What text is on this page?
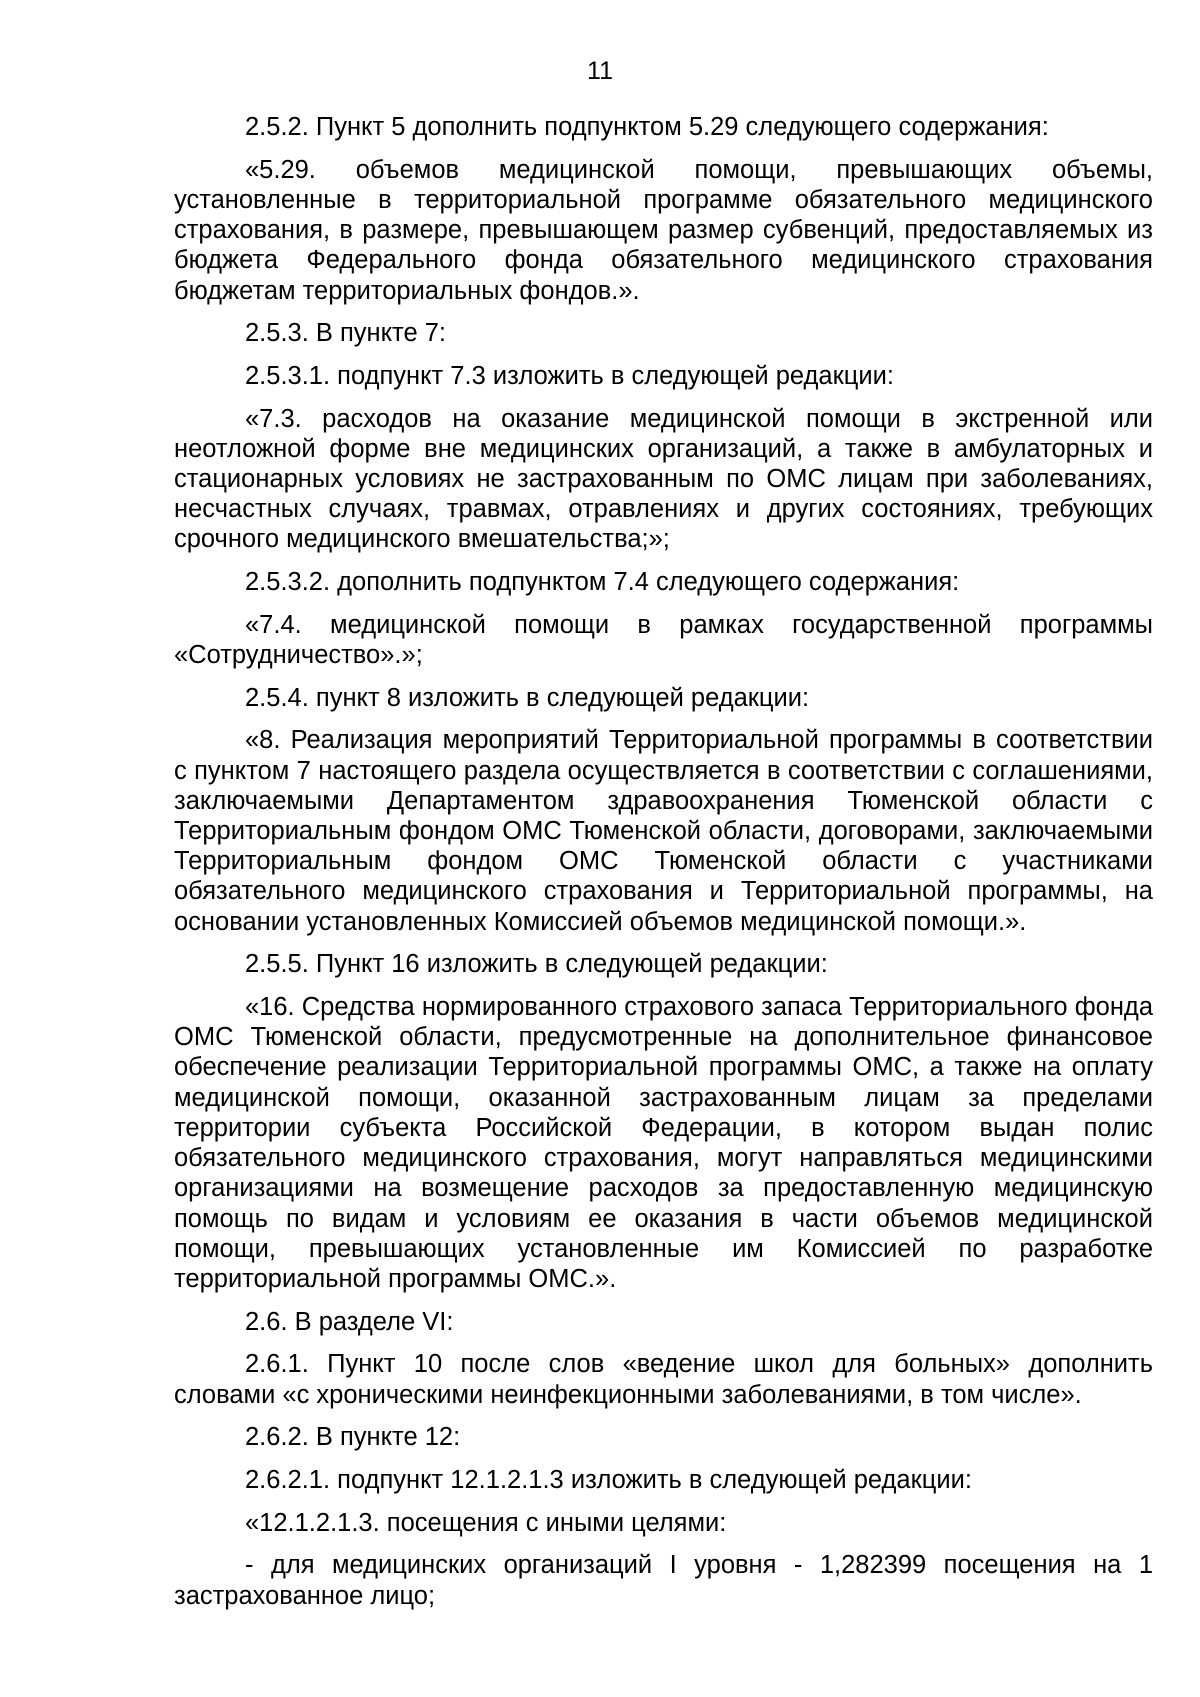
11

2.5.2. Пункт 5 дополнить подпунктом 5.29 следующего содержания:

«5.29. объемов медицинской помощи, превышающих объемы, установленные в территориальной программе обязательного медицинского страхования, в размере, превышающем размер субвенций, предоставляемых из бюджета Федерального фонда обязательного медицинского страхования бюджетам территориальных фондов.».

2.5.3. В пункте 7:

2.5.3.1. подпункт 7.3 изложить в следующей редакции:

«7.3. расходов на оказание медицинской помощи в экстренной или неотложной форме вне медицинских организаций, а также в амбулаторных и стационарных условиях не застрахованным по ОМС лицам при заболеваниях, несчастных случаях, травмах, отравлениях и других состояниях, требующих срочного медицинского вмешательства;»;

2.5.3.2. дополнить подпунктом 7.4 следующего содержания:

«7.4. медицинской помощи в рамках государственной программы «Сотрудничество».»;

2.5.4. пункт 8 изложить в следующей редакции:

«8. Реализация мероприятий Территориальной программы в соответствии с пунктом 7 настоящего раздела осуществляется в соответствии с соглашениями, заключаемыми Департаментом здравоохранения Тюменской области с Территориальным фондом ОМС Тюменской области, договорами, заключаемыми Территориальным фондом ОМС Тюменской области с участниками обязательного медицинского страхования и Территориальной программы, на основании установленных Комиссией объемов медицинской помощи.».

2.5.5. Пункт 16 изложить в следующей редакции:

«16. Средства нормированного страхового запаса Территориального фонда ОМС Тюменской области, предусмотренные на дополнительное финансовое обеспечение реализации Территориальной программы ОМС, а также на оплату медицинской помощи, оказанной застрахованным лицам за пределами территории субъекта Российской Федерации, в котором выдан полис обязательного медицинского страхования, могут направляться медицинскими организациями на возмещение расходов за предоставленную медицинскую помощь по видам и условиям ее оказания в части объемов медицинской помощи, превышающих установленные им Комиссией по разработке территориальной программы ОМС.».

2.6. В разделе VI:

2.6.1. Пункт 10 после слов «ведение школ для больных» дополнить словами «с хроническими неинфекционными заболеваниями, в том числе».

2.6.2. В пункте 12:

2.6.2.1. подпункт 12.1.2.1.3 изложить в следующей редакции:

«12.1.2.1.3. посещения с иными целями:

- для медицинских организаций I уровня - 1,282399 посещения на 1 застрахованное лицо;
